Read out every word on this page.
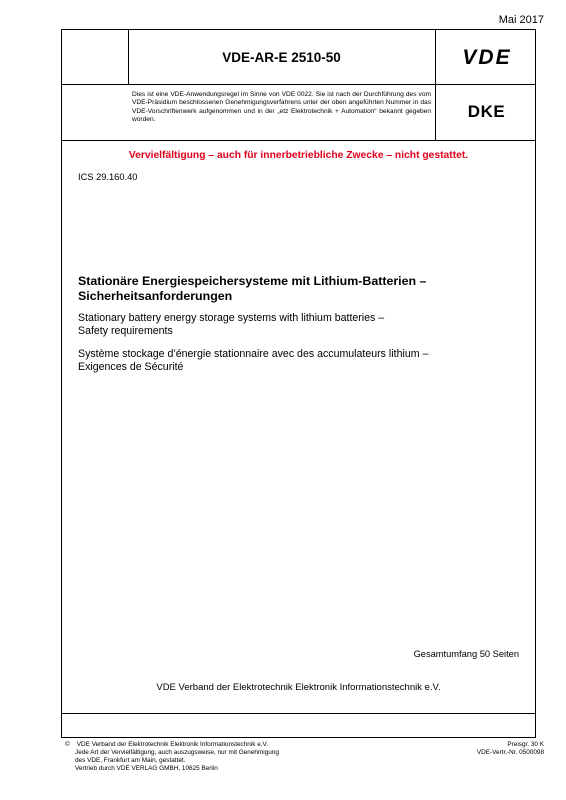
Mai 2017
VDE-AR-E 2510-50	VDE
Dies ist eine VDE-Anwendungsregel im Sinne von VDE 0022. Sie ist nach der Durchführung des vom VDE-Präsidium beschlossenen Genehmigungsverfahrens unter der oben angeführten Nummer in das VDE-Vorschriftenwerk aufgenommen und in der „etz Elektrotechnik + Automation“ bekannt gegeben worden.	DKE
Vervielfältigung – auch für innerbetriebliche Zwecke – nicht gestattet.
ICS 29.160.40
Stationäre Energiespeichersysteme mit Lithium-Batterien –
Sicherheitsanforderungen
Stationary battery energy storage systems with lithium batteries –
Safety requirements
Système stockage d’énergie stationnaire avec des accumulateurs lithium –
Exigences de Sécurité
Gesamtumfang 50 Seiten
VDE Verband der Elektrotechnik Elektronik Informationstechnik e.V.
© VDE Verband der Elektrotechnik Elektronik Informationstechnik e.V.
Jede Art der Vervielfältigung, auch auszugsweise, nur mit Genehmigung
des VDE, Frankfurt am Main, gestattet.
Vertrieb durch VDE VERLAG GMBH, 10625 Berlin
Preisgr. 30 K
VDE-Vertr.-Nr. 0500098
